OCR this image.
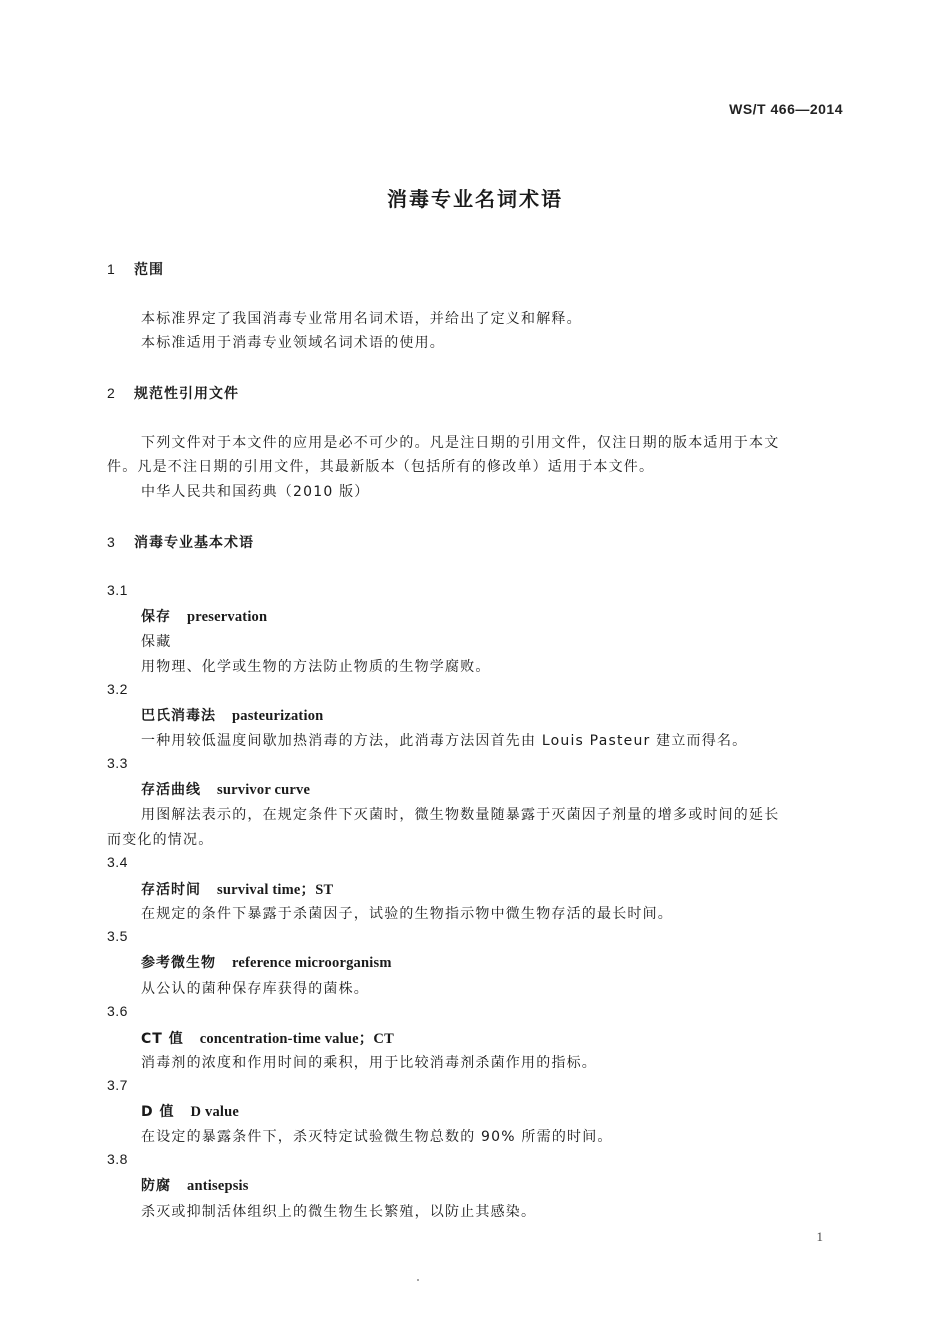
WS/T 466—2014
消毒专业名词术语
1 范围
本标准界定了我国消毒专业常用名词术语，并给出了定义和解释。
本标准适用于消毒专业领域名词术语的使用。
2 规范性引用文件
下列文件对于本文件的应用是必不可少的。凡是注日期的引用文件，仅注日期的版本适用于本文
件。凡是不注日期的引用文件，其最新版本（包括所有的修改单）适用于本文件。
中华人民共和国药典（2010 版）
3 消毒专业基本术语
3.1
保存 preservation
保藏
用物理、化学或生物的方法防止物质的生物学腐败。
3.2
巴氏消毒法 pasteurization
一种用较低温度间歇加热消毒的方法，此消毒方法因首先由 Louis Pasteur 建立而得名。
3.3
存活曲线 survivor curve
用图解法表示的，在规定条件下灭菌时，微生物数量随暴露于灭菌因子剂量的增多或时间的延长
而变化的情况。
3.4
存活时间 survival time；ST
在规定的条件下暴露于杀菌因子，试验的生物指示物中微生物存活的最长时间。
3.5
参考微生物 reference microorganism
从公认的菌种保存库获得的菌株。
3.6
CT 值 concentration-time value；CT
消毒剂的浓度和作用时间的乘积，用于比较消毒剂杀菌作用的指标。
3.7
D 值 D value
在设定的暴露条件下，杀灭特定试验微生物总数的 90% 所需的时间。
3.8
防腐 antisepsis
杀灭或抑制活体组织上的微生物生长繁殖，以防止其感染。
1
